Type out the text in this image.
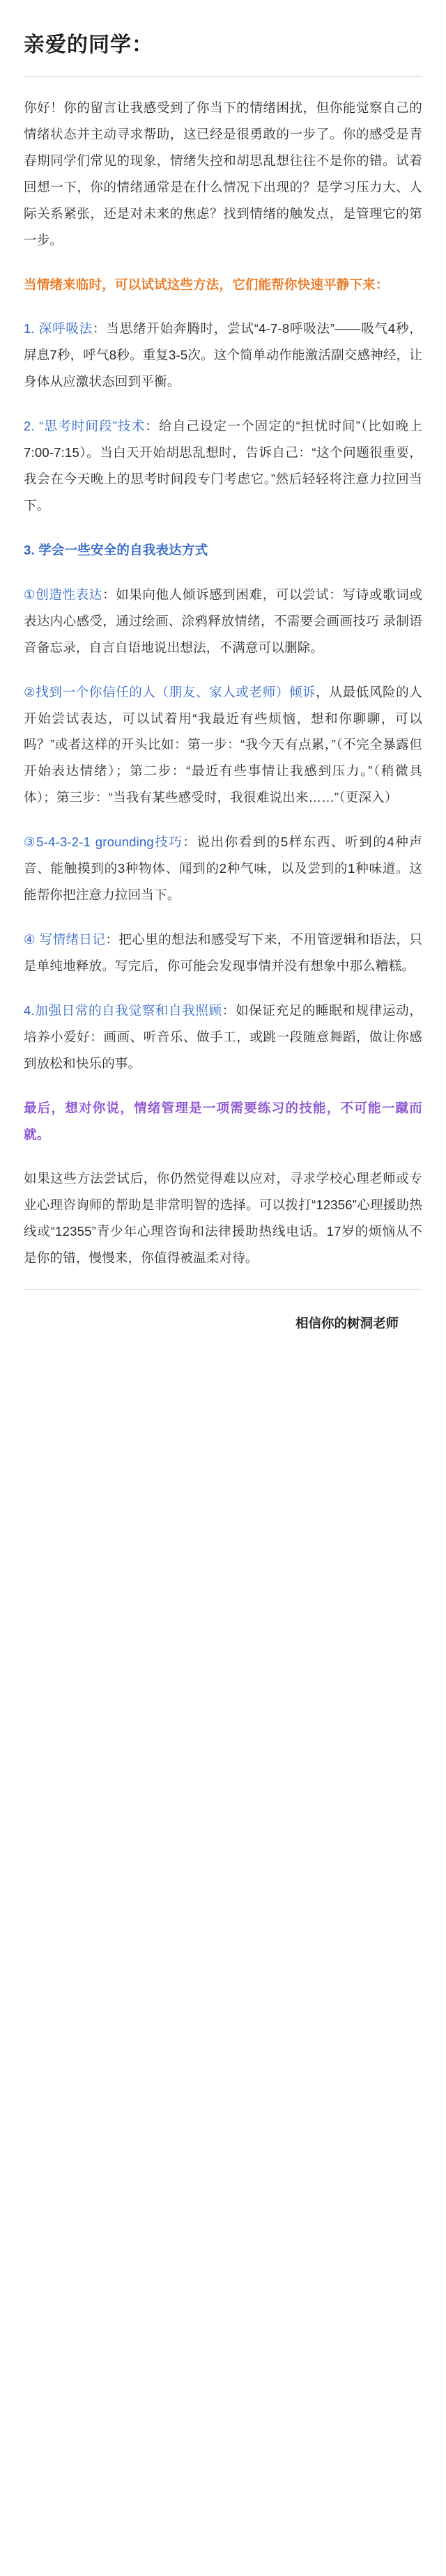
亲爱的同学：

你好！你的留言让我感受到了你当下的情绪困扰，但你能觉察自己的情绪状态并主动寻求帮助，这已经是很勇敢的一步了。你的感受是青春期同学们常见的现象，情绪失控和胡思乱想往往不是你的错。试着回想一下，你的情绪通常是在什么情况下出现的？是学习压力大、人际关系紧张，还是对未来的焦虑？找到情绪的触发点，是管理它的第一步。

当情绪来临时，可以试试这些方法，它们能帮你快速平静下来：

1. 深呼吸法：当思绪开始奔腾时，尝试“4-7-8呼吸法”——吸气4秒，屏息7秒，呼气8秒。重复3-5次。这个简单动作能激活副交感神经，让身体从应激状态回到平衡。

2. “思考时间段”技术：给自己设定一个固定的“担忧时间”（比如晚上7:00-7:15）。当白天开始胡思乱想时，告诉自己：“这个问题很重要，我会在今天晚上的思考时间段专门考虑它。”然后轻轻将注意力拉回当下。

3. 学会一些安全的自我表达方式

①创造性表达：如果向他人倾诉感到困难，可以尝试：写诗或歌词或表达内心感受，通过绘画、涂鸦释放情绪，不需要会画画技巧 录制语音备忘录，自言自语地说出想法，不满意可以删除。

②找到一个你信任的人（朋友、家人或老师）倾诉，从最低风险的人开始尝试表达，可以试着用“我最近有些烦恼，想和你聊聊，可以吗？”或者这样的开头比如：第一步：“我今天有点累，”（不完全暴露但开始表达情绪）；第二步：“最近有些事情让我感到压力。”（稍微具体）；第三步：“当我有某些感受时，我很难说出来……”（更深入）

③5-4-3-2-1 grounding技巧：说出你看到的5样东西、听到的4种声音、能触摸到的3种物体、闻到的2种气味，以及尝到的1种味道。这能帮你把注意力拉回当下。

④ 写情绪日记：把心里的想法和感受写下来，不用管逻辑和语法，只是单纯地释放。写完后，你可能会发现事情并没有想象中那么糟糕。

4.加强日常的自我觉察和自我照顾：如保证充足的睡眠和规律运动，培养小爱好：画画、听音乐、做手工，或跳一段随意舞蹈，做让你感到放松和快乐的事。

最后，想对你说，情绪管理是一项需要练习的技能，不可能一蹴而就。

如果这些方法尝试后，你仍然觉得难以应对，寻求学校心理老师或专业心理咨询师的帮助是非常明智的选择。可以拨打“12356”心理援助热线或“12355”青少年心理咨询和法律援助热线电话。17岁的烦恼从不是你的错，慢慢来，你值得被温柔对待。

相信你的树洞老师
